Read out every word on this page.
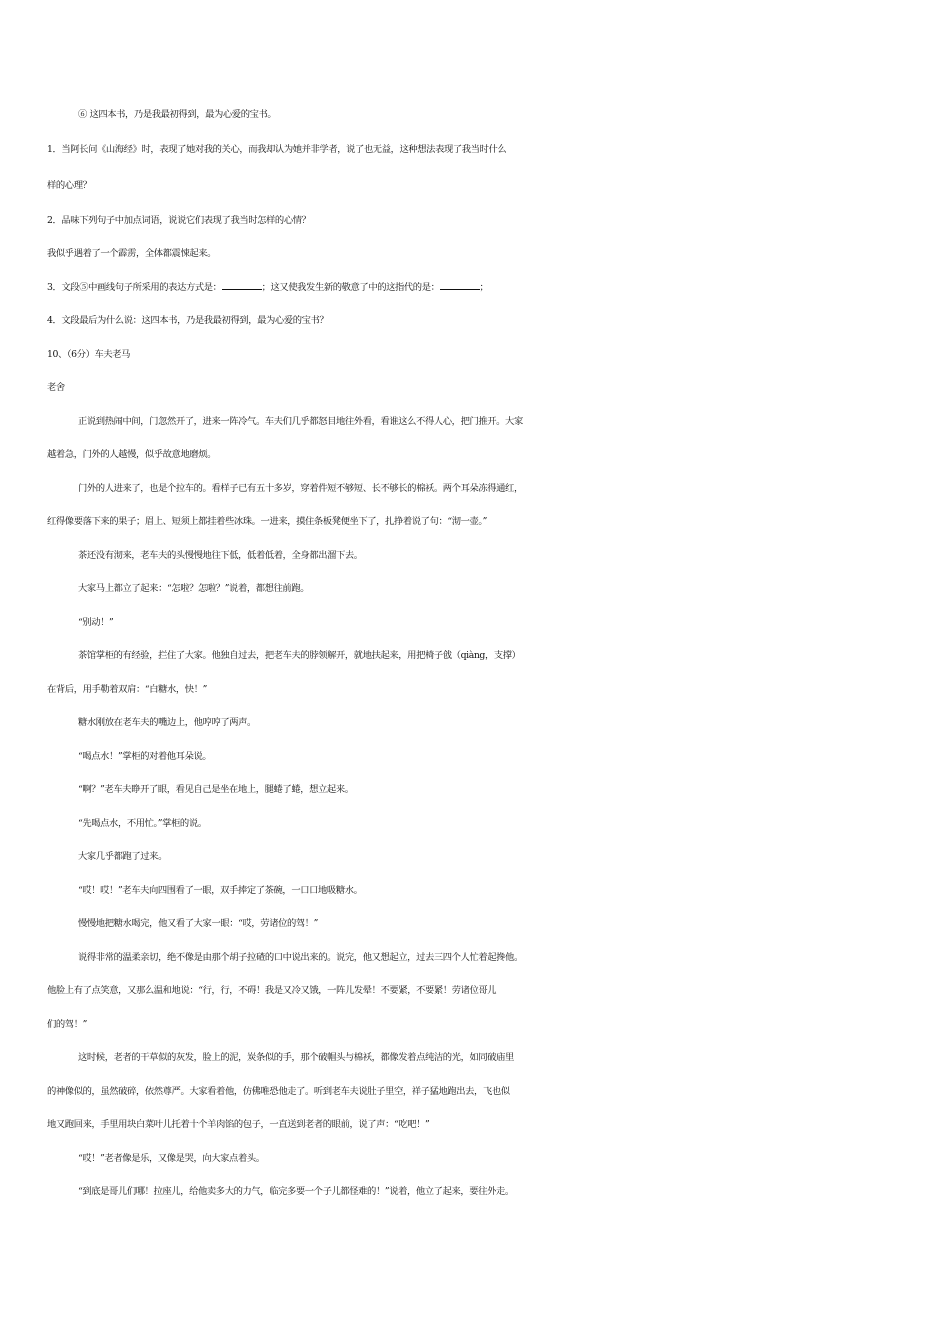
⑥ 这四本书，乃是我最初得到，最为心爱的宝书。
1．当阿长问《山海经》时，表现了她对我的关心，而我却认为她并非学者，说了也无益，这种想法表现了我当时什么
样的心理？
2．品味下列句子中加点词语，说说它们表现了我当时怎样的心情？
我似乎遇着了一个霹雳，全体都震悚起来。
3．文段⑤中画线句子所采用的表达方式是：	；这又使我发生新的敬意了中的这指代的是：	；
4．文段最后为什么说：这四本书，乃是我最初得到，最为心爱的宝书？
10、（6分）车夫老马
老舍
正说到热闹中间，门忽然开了，进来一阵冷气。车夫们几乎都怒目地往外看，看谁这么不得人心，把门推开。大家
越着急，门外的人越慢，似乎故意地磨烦。
门外的人进来了，也是个拉车的。看样子已有五十多岁，穿着件短不够短、长不够长的棉袄。两个耳朵冻得通红，
红得像要落下来的果子；眉上、短须上都挂着些冰珠。一进来，摸住条板凳便坐下了，扎挣着说了句：“沏一壶。”
茶还没有沏来，老车夫的头慢慢地往下低，低着低着，全身都出溜下去。
大家马上都立了起来：“怎啦？怎啦？”说着，都想往前跑。
“别动！”
茶馆掌柜的有经验，拦住了大家。他独自过去，把老车夫的脖领解开，就地扶起来，用把椅子戗（qiàng，支撑）
在背后，用手勒着双肩：“白糖水，快！”
糖水刚放在老车夫的嘴边上，他哼哼了两声。
“喝点水！”掌柜的对着他耳朵说。
“啊？”老车夫睁开了眼，看见自己是坐在地上，腿蜷了蜷，想立起来。
“先喝点水，不用忙。”掌柜的说。
大家几乎都跑了过来。
“哎！哎！”老车夫向四围看了一眼，双手捧定了茶碗，一口口地吸糖水。
慢慢地把糖水喝完，他又看了大家一眼：“哎，劳诸位的驾！”
说得非常的温柔亲切，绝不像是由那个胡子拉碴的口中说出来的。说完，他又想起立，过去三四个人忙着起搀他。
他脸上有了点笑意，又那么温和地说：“行，行，不碍！我是又冷又饿，一阵儿发晕！不要紧，不要紧！劳诸位哥儿
们的驾！”
这时候，老者的干草似的灰发，脸上的泥，炭条似的手，那个破帽头与棉袄，都像发着点纯洁的光，如同破庙里
的神像似的，虽然破碎，依然尊严。大家看着他，仿佛唯恐他走了。听到老车夫说肚子里空，祥子猛地跑出去，飞也似
地又跑回来，手里用块白菜叶儿托着十个羊肉馅的包子，一直送到老者的眼前，说了声：“吃吧！”
“哎！”老者像是乐，又像是哭，向大家点着头。
“到底是哥儿们哪！拉座儿，给他卖多大的力气，临完多要一个子儿都怪难的！”说着，他立了起来，要往外走。
